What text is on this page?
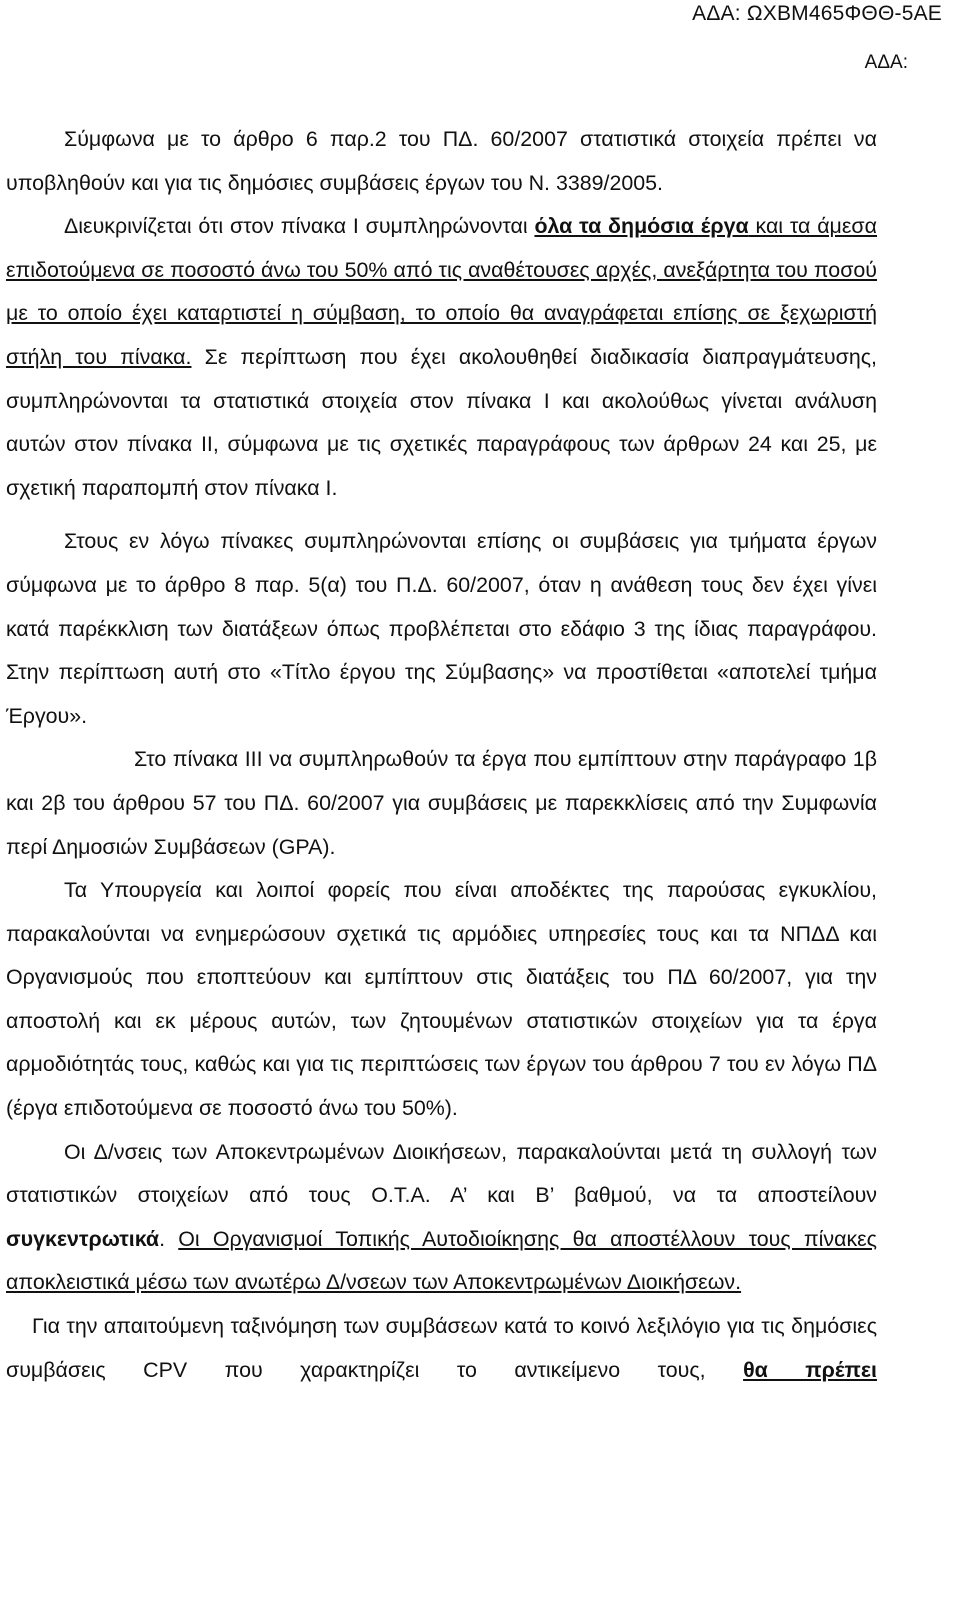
ΑΔΑ: ΩΧΒΜ465ΦΘΘ-5ΑΕ
ΑΔΑ:

Σύμφωνα με το άρθρο 6 παρ.2 του ΠΔ. 60/2007 στατιστικά στοιχεία πρέπει να υποβληθούν και για τις δημόσιες συμβάσεις έργων του Ν. 3389/2005.

Διευκρινίζεται ότι στον πίνακα Ι συμπληρώνονται όλα τα δημόσια έργα και τα άμεσα επιδοτούμενα σε ποσοστό άνω του 50% από τις αναθέτουσες αρχές, ανεξάρτητα του ποσού με το οποίο έχει καταρτιστεί η σύμβαση, το οποίο θα αναγράφεται επίσης σε ξεχωριστή στήλη του πίνακα. Σε περίπτωση που έχει ακολουθηθεί διαδικασία διαπραγμάτευσης, συμπληρώνονται τα στατιστικά στοιχεία στον πίνακα Ι και ακολούθως γίνεται ανάλυση αυτών στον πίνακα ΙΙ, σύμφωνα με τις σχετικές παραγράφους των άρθρων 24 και 25, με σχετική παραπομπή στον πίνακα Ι.

Στους εν λόγω πίνακες συμπληρώνονται επίσης οι συμβάσεις για τμήματα έργων σύμφωνα με το άρθρο 8 παρ. 5(α) του Π.Δ. 60/2007, όταν η ανάθεση τους δεν έχει γίνει κατά παρέκκλιση των διατάξεων όπως προβλέπεται στο εδάφιο 3 της ίδιας παραγράφου. Στην περίπτωση αυτή στο «Τίτλο έργου της Σύμβασης» να προστίθεται «αποτελεί τμήμα Έργου».

Στο πίνακα ΙΙΙ να συμπληρωθούν τα έργα που εμπίπτουν στην παράγραφο 1β και 2β του άρθρου 57 του ΠΔ. 60/2007 για συμβάσεις με παρεκκλίσεις από την Συμφωνία περί Δημοσιών Συμβάσεων (GPA).

Τα Υπουργεία και λοιποί φορείς που είναι αποδέκτες της παρούσας εγκυκλίου, παρακαλούνται να ενημερώσουν σχετικά τις αρμόδιες υπηρεσίες τους και τα ΝΠΔΔ και Οργανισμούς που εποπτεύουν και εμπίπτουν στις διατάξεις του ΠΔ 60/2007, για την αποστολή και εκ μέρους αυτών, των ζητουμένων στατιστικών στοιχείων για τα έργα αρμοδιότητάς τους, καθώς και για τις περιπτώσεις των έργων του άρθρου 7 του εν λόγω ΠΔ (έργα επιδοτούμενα σε ποσοστό άνω του 50%).

Οι Δ/νσεις των Αποκεντρωμένων Διοικήσεων, παρακαλούνται μετά τη συλλογή των στατιστικών στοιχείων από τους Ο.Τ.Α. Α’ και Β’ βαθμού, να τα αποστείλουν συγκεντρωτικά. Οι Οργανισμοί Τοπικής Αυτοδιοίκησης θα αποστέλλουν τους πίνακες αποκλειστικά μέσω των ανωτέρω Δ/νσεων των Αποκεντρωμένων Διοικήσεων.

Για την απαιτούμενη ταξινόμηση των συμβάσεων κατά το κοινό λεξιλόγιο για τις δημόσιες συμβάσεις CPV που χαρακτηρίζει το αντικείμενο τους, θα πρέπει
